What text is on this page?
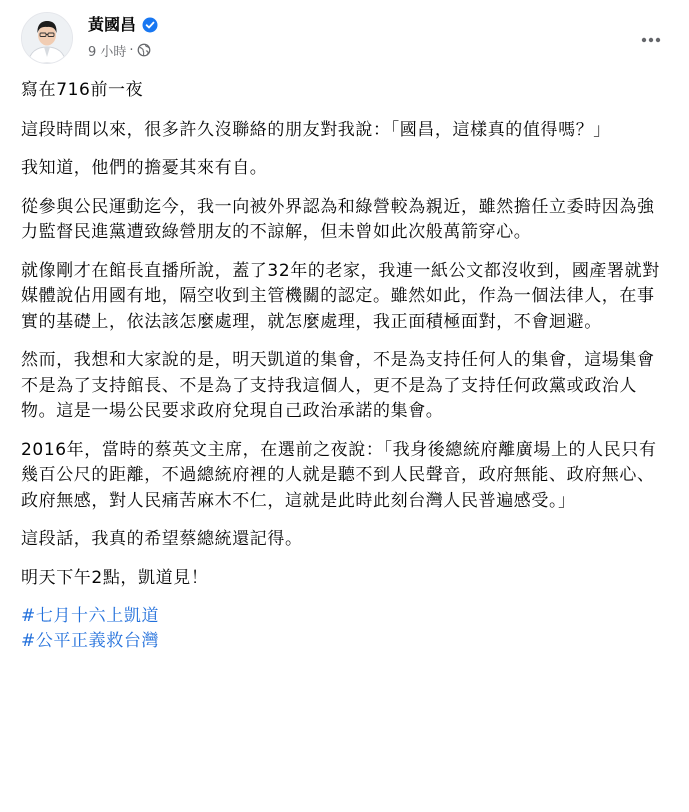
黃國昌
9 小時 ·

寫在716前一夜

這段時間以來，很多許久沒聯絡的朋友對我說：「國昌，這樣真的值得嗎？」

我知道，他們的擔憂其來有自。

從參與公民運動迄今，我一向被外界認為和綠營較為親近，雖然擔任立委時因為強力監督民進黨遭致綠營朋友的不諒解，但未曾如此次般萬箭穿心。

就像剛才在館長直播所說，蓋了32年的老家，我連一紙公文都沒收到，國產署就對媒體說佔用國有地，隔空收到主管機關的認定。雖然如此，作為一個法律人，在事實的基礎上，依法該怎麼處理，就怎麼處理，我正面積極面對，不會迴避。

然而，我想和大家說的是，明天凱道的集會，不是為支持任何人的集會，這場集會不是為了支持館長、不是為了支持我這個人，更不是為了支持任何政黨或政治人物。這是一場公民要求政府兌現自己政治承諾的集會。

2016年，當時的蔡英文主席，在選前之夜說：「我身後總統府離廣場上的人民只有幾百公尺的距離，不過總統府裡的人就是聽不到人民聲音，政府無能、政府無心、政府無感，對人民痛苦麻木不仁，這就是此時此刻台灣人民普遍感受。」

這段話，我真的希望蔡總統還記得。

明天下午2點，凱道見！

#七月十六上凱道
#公平正義救台灣
